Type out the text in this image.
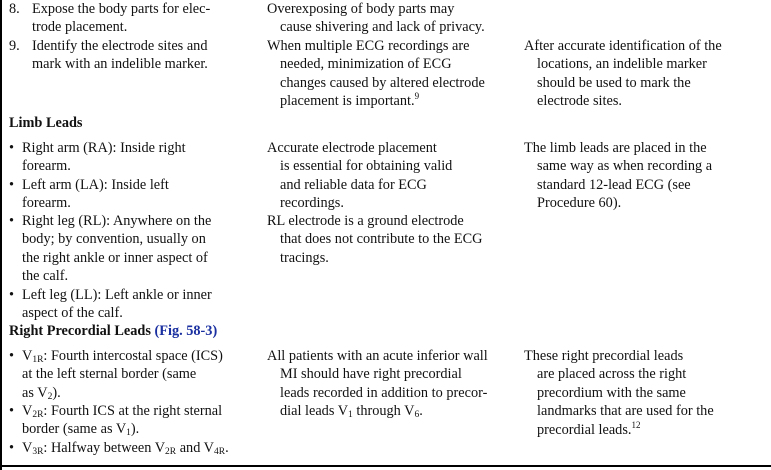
8. Expose the body parts for elec-
trode placement.
Overexposing of body parts may
cause shivering and lack of privacy.
9. Identify the electrode sites and
mark with an indelible marker.
When multiple ECG recordings are
needed, minimization of ECG
changes caused by altered electrode
placement is important.$^9$
After accurate identification of the
locations, an indelible marker
should be used to mark the
electrode sites.
Limb Leads
• Right arm (RA): Inside right
forearm.
• Left arm (LA): Inside left
forearm.
• Right leg (RL): Anywhere on the
body; by convention, usually on
the right ankle or inner aspect of
the calf.
• Left leg (LL): Left ankle or inner
aspect of the calf.
Accurate electrode placement
is essential for obtaining valid
and reliable data for ECG
recordings.
RL electrode is a ground electrode
that does not contribute to the ECG
tracings.
The limb leads are placed in the
same way as when recording a
standard 12-lead ECG (see
Procedure 60).
Right Precordial Leads (Fig. 58-3)
• $V_{1R}$: Fourth intercostal space (ICS)
at the left sternal border (same
as $V_2$).
• $V_{2R}$: Fourth ICS at the right sternal
border (same as $V_1$).
• $V_{3R}$: Halfway between $V_{2R}$ and $V_{4R}$.
All patients with an acute inferior wall
MI should have right precordial
leads recorded in addition to precor-
dial leads $V_1$ through $V_6$.
These right precordial leads
are placed across the right
precordium with the same
landmarks that are used for the
precordial leads.$^{12}$
